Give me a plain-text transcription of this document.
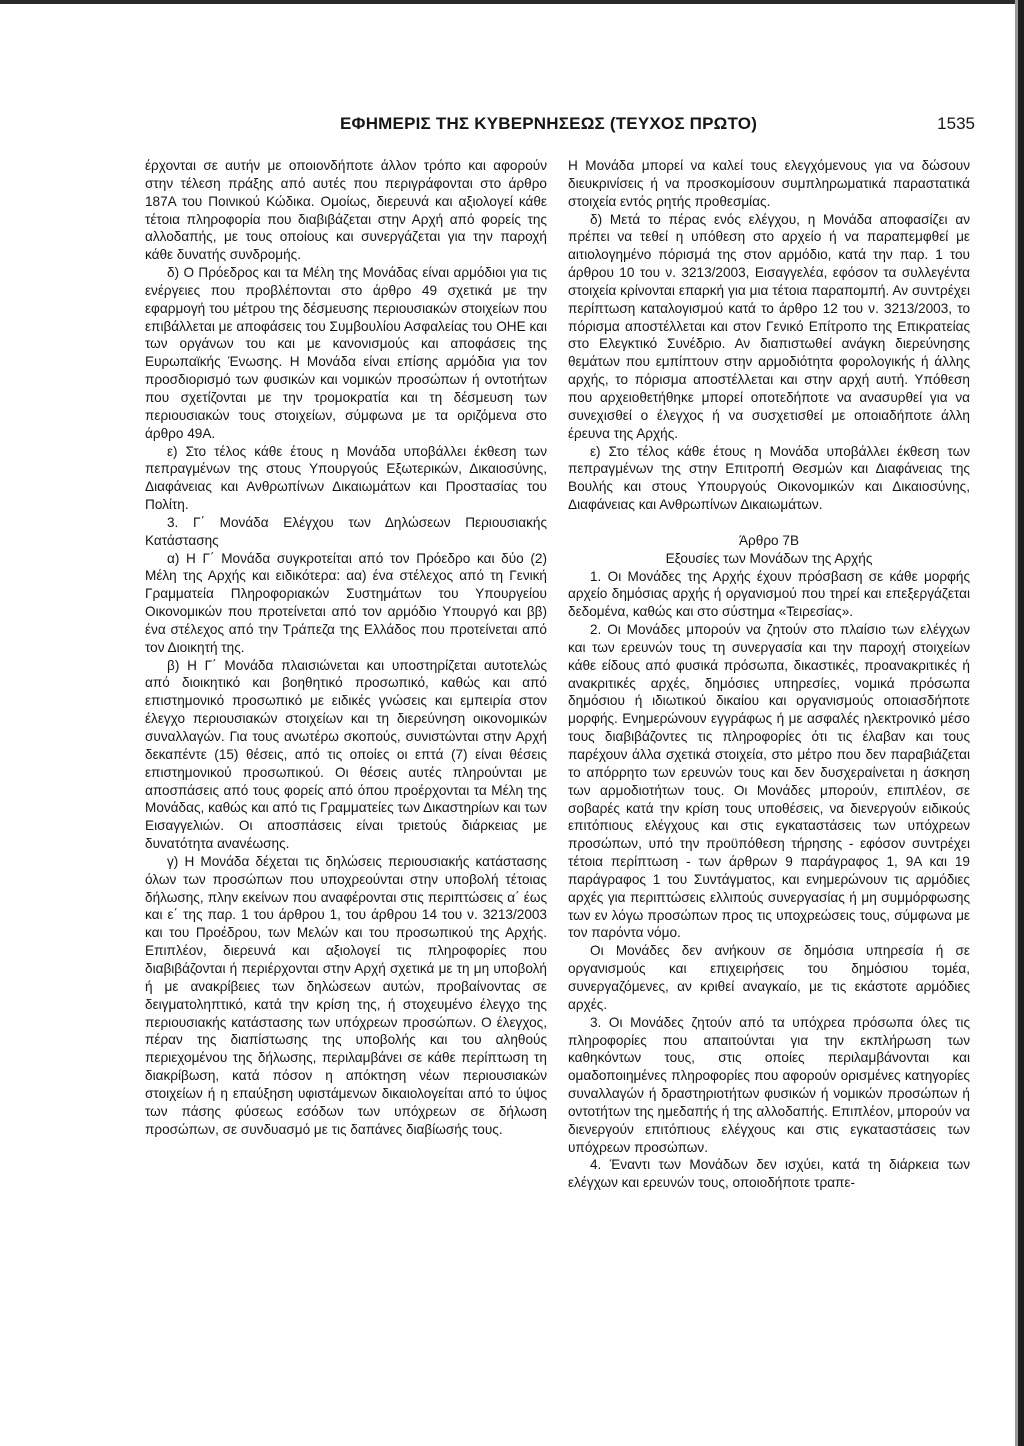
ΕΦΗΜΕΡΙΣ ΤΗΣ ΚΥΒΕΡΝΗΣΕΩΣ (ΤΕΥΧΟΣ ΠΡΩΤΟ)	1535

έρχονται σε αυτήν με οποιονδήποτε άλλον τρόπο και αφορούν στην τέλεση πράξης από αυτές που περιγράφονται στο άρθρο 187Α του Ποινικού Κώδικα. Ομοίως, διερευνά και αξιολογεί κάθε τέτοια πληροφορία που διαβιβάζεται στην Αρχή από φορείς της αλλοδαπής, με τους οποίους και συνεργάζεται για την παροχή κάθε δυνατής συνδρομής.

δ) Ο Πρόεδρος και τα Μέλη της Μονάδας είναι αρμόδιοι για τις ενέργειες που προβλέπονται στο άρθρο 49 σχετικά με την εφαρμογή του μέτρου της δέσμευσης περιουσιακών στοιχείων που επιβάλλεται με αποφάσεις του Συμβουλίου Ασφαλείας του ΟΗΕ και των οργάνων του και με κανονισμούς και αποφάσεις της Ευρωπαϊκής Ένωσης. Η Μονάδα είναι επίσης αρμόδια για τον προσδιορισμό των φυσικών και νομικών προσώπων ή οντοτήτων που σχετίζονται με την τρομοκρατία και τη δέσμευση των περιουσιακών τους στοιχείων, σύμφωνα με τα οριζόμενα στο άρθρο 49Α.

ε) Στο τέλος κάθε έτους η Μονάδα υποβάλλει έκθεση των πεπραγμένων της στους Υπουργούς Εξωτερικών, Δικαιοσύνης, Διαφάνειας και Ανθρωπίνων Δικαιωμάτων και Προστασίας του Πολίτη.

3. Γ΄ Μονάδα Ελέγχου των Δηλώσεων Περιουσιακής Κατάστασης

α) Η Γ΄ Μονάδα συγκροτείται από τον Πρόεδρο και δύο (2) Μέλη της Αρχής και ειδικότερα: αα) ένα στέλεχος από τη Γενική Γραμματεία Πληροφοριακών Συστημάτων του Υπουργείου Οικονομικών που προτείνεται από τον αρμόδιο Υπουργό και ββ) ένα στέλεχος από την Τράπεζα της Ελλάδος που προτείνεται από τον Διοικητή της.

β) Η Γ΄ Μονάδα πλαισιώνεται και υποστηρίζεται αυτοτελώς από διοικητικό και βοηθητικό προσωπικό, καθώς και από επιστημονικό προσωπικό με ειδικές γνώσεις και εμπειρία στον έλεγχο περιουσιακών στοιχείων και τη διερεύνηση οικονομικών συναλλαγών. Για τους ανωτέρω σκοπούς, συνιστώνται στην Αρχή δεκαπέντε (15) θέσεις, από τις οποίες οι επτά (7) είναι θέσεις επιστημονικού προσωπικού. Οι θέσεις αυτές πληρούνται με αποσπάσεις από τους φορείς από όπου προέρχονται τα Μέλη της Μονάδας, καθώς και από τις Γραμματείες των Δικαστηρίων και των Εισαγγελιών. Οι αποσπάσεις είναι τριετούς διάρκειας με δυνατότητα ανανέωσης.

γ) Η Μονάδα δέχεται τις δηλώσεις περιουσιακής κατάστασης όλων των προσώπων που υποχρεούνται στην υποβολή τέτοιας δήλωσης, πλην εκείνων που αναφέρονται στις περιπτώσεις α΄ έως και ε΄ της παρ. 1 του άρθρου 1, του άρθρου 14 του ν. 3213/2003 και του Προέδρου, των Μελών και του προσωπικού της Αρχής. Επιπλέον, διερευνά και αξιολογεί τις πληροφορίες που διαβιβάζονται ή περιέρχονται στην Αρχή σχετικά με τη μη υποβολή ή με ανακρίβειες των δηλώσεων αυτών, προβαίνοντας σε δειγματοληπτικό, κατά την κρίση της, ή στοχευμένο έλεγχο της περιουσιακής κατάστασης των υπόχρεων προσώπων. Ο έλεγχος, πέραν της διαπίστωσης της υποβολής και του αληθούς περιεχομένου της δήλωσης, περιλαμβάνει σε κάθε περίπτωση τη διακρίβωση, κατά πόσον η απόκτηση νέων περιουσιακών στοιχείων ή η επαύξηση υφιστάμενων δικαιολογείται από το ύψος των πάσης φύσεως εσόδων των υπόχρεων σε δήλωση προσώπων, σε συνδυασμό με τις δαπάνες διαβίωσής τους.

Η Μονάδα μπορεί να καλεί τους ελεγχόμενους για να δώσουν διευκρινίσεις ή να προσκομίσουν συμπληρωματικά παραστατικά στοιχεία εντός ρητής προθεσμίας.

δ) Μετά το πέρας ενός ελέγχου, η Μονάδα αποφασίζει αν πρέπει να τεθεί η υπόθεση στο αρχείο ή να παραπεμφθεί με αιτιολογημένο πόρισμά της στον αρμόδιο, κατά την παρ. 1 του άρθρου 10 του ν. 3213/2003, Εισαγγελέα, εφόσον τα συλλεγέντα στοιχεία κρίνονται επαρκή για μια τέτοια παραπομπή. Αν συντρέχει περίπτωση καταλογισμού κατά το άρθρο 12 του ν. 3213/2003, το πόρισμα αποστέλλεται και στον Γενικό Επίτροπο της Επικρατείας στο Ελεγκτικό Συνέδριο. Αν διαπιστωθεί ανάγκη διερεύνησης θεμάτων που εμπίπτουν στην αρμοδιότητα φορολογικής ή άλλης αρχής, το πόρισμα αποστέλλεται και στην αρχή αυτή. Υπόθεση που αρχειοθετήθηκε μπορεί οποτεδήποτε να ανασυρθεί για να συνεχισθεί ο έλεγχος ή να συσχετισθεί με οποιαδήποτε άλλη έρευνα της Αρχής.

ε) Στο τέλος κάθε έτους η Μονάδα υποβάλλει έκθεση των πεπραγμένων της στην Επιτροπή Θεσμών και Διαφάνειας της Βουλής και στους Υπουργούς Οικονομικών και Δικαιοσύνης, Διαφάνειας και Ανθρωπίνων Δικαιωμάτων.

Άρθρο 7Β

Εξουσίες των Μονάδων της Αρχής

1. Οι Μονάδες της Αρχής έχουν πρόσβαση σε κάθε μορφής αρχείο δημόσιας αρχής ή οργανισμού που τηρεί και επεξεργάζεται δεδομένα, καθώς και στο σύστημα «Τειρεσίας».

2. Οι Μονάδες μπορούν να ζητούν στο πλαίσιο των ελέγχων και των ερευνών τους τη συνεργασία και την παροχή στοιχείων κάθε είδους από φυσικά πρόσωπα, δικαστικές, προανακριτικές ή ανακριτικές αρχές, δημόσιες υπηρεσίες, νομικά πρόσωπα δημόσιου ή ιδιωτικού δικαίου και οργανισμούς οποιασδήποτε μορφής. Ενημερώνουν εγγράφως ή με ασφαλές ηλεκτρονικό μέσο τους διαβιβάζοντες τις πληροφορίες ότι τις έλαβαν και τους παρέχουν άλλα σχετικά στοιχεία, στο μέτρο που δεν παραβιάζεται το απόρρητο των ερευνών τους και δεν δυσχεραίνεται η άσκηση των αρμοδιοτήτων τους. Οι Μονάδες μπορούν, επιπλέον, σε σοβαρές κατά την κρίση τους υποθέσεις, να διενεργούν ειδικούς επιτόπιους ελέγχους και στις εγκαταστάσεις των υπόχρεων προσώπων, υπό την προϋπόθεση τήρησης - εφόσον συντρέχει τέτοια περίπτωση - των άρθρων 9 παράγραφος 1, 9Α και 19 παράγραφος 1 του Συντάγματος, και ενημερώνουν τις αρμόδιες αρχές για περιπτώσεις ελλιπούς συνεργασίας ή μη συμμόρφωσης των εν λόγω προσώπων προς τις υποχρεώσεις τους, σύμφωνα με τον παρόντα νόμο.

Οι Μονάδες δεν ανήκουν σε δημόσια υπηρεσία ή σε οργανισμούς και επιχειρήσεις του δημόσιου τομέα, συνεργαζόμενες, αν κριθεί αναγκαίο, με τις εκάστοτε αρμόδιες αρχές.

3. Οι Μονάδες ζητούν από τα υπόχρεα πρόσωπα όλες τις πληροφορίες που απαιτούνται για την εκπλήρωση των καθηκόντων τους, στις οποίες περιλαμβάνονται και ομαδοποιημένες πληροφορίες που αφορούν ορισμένες κατηγορίες συναλλαγών ή δραστηριοτήτων φυσικών ή νομικών προσώπων ή οντοτήτων της ημεδαπής ή της αλλοδαπής. Επιπλέον, μπορούν να διενεργούν επιτόπιους ελέγχους και στις εγκαταστάσεις των υπόχρεων προσώπων.

4. Έναντι των Μονάδων δεν ισχύει, κατά τη διάρκεια των ελέγχων και ερευνών τους, οποιοδήποτε τραπε-
